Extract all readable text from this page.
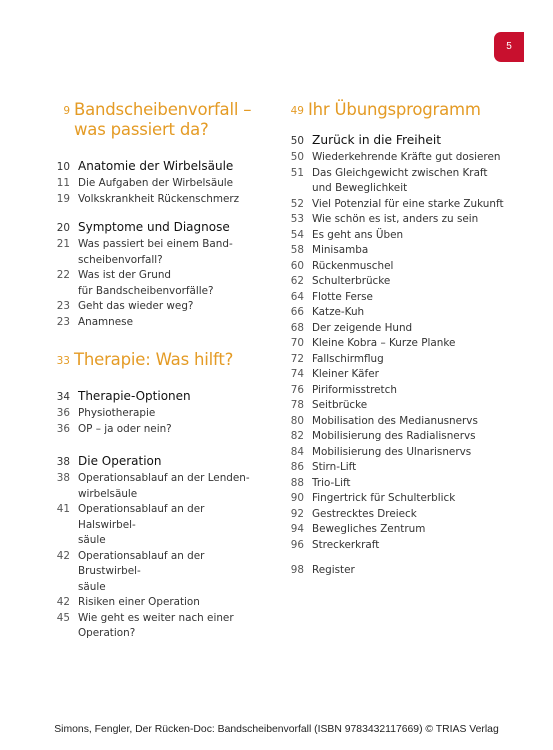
5
9 Bandscheibenvorfall –
was passiert da?
10 Anatomie der Wirbelsäule
11 Die Aufgaben der Wirbelsäule
19 Volkskrankheit Rückenschmerz
20 Symptome und Diagnose
21 Was passiert bei einem Band-
scheibenvorfall?
22 Was ist der Grund
für Bandscheibenvorfälle?
23 Geht das wieder weg?
23 Anamnese
33 Therapie: Was hilft?
34 Therapie-Optionen
36 Physiotherapie
36 OP – ja oder nein?
38 Die Operation
38 Operationsablauf an der Lenden-
wirbelsäule
41 Operationsablauf an der Halswirbel-
säule
42 Operationsablauf an der Brustwirbel-
säule
42 Risiken einer Operation
45 Wie geht es weiter nach einer
Operation?
49 Ihr Übungsprogramm
50 Zurück in die Freiheit
50 Wiederkehrende Kräfte gut dosieren
51 Das Gleichgewicht zwischen Kraft
und Beweglichkeit
52 Viel Potenzial für eine starke Zukunft
53 Wie schön es ist, anders zu sein
54 Es geht ans Üben
58 Minisamba
60 Rückenmuschel
62 Schulterbrücke
64 Flotte Ferse
66 Katze-Kuh
68 Der zeigende Hund
70 Kleine Kobra – Kurze Planke
72 Fallschirmflug
74 Kleiner Käfer
76 Piriformisstretch
78 Seitbrücke
80 Mobilisation des Medianusnervs
82 Mobilisierung des Radialisnervs
84 Mobilisierung des Ulnarisnervs
86 Stirn-Lift
88 Trio-Lift
90 Fingertrick für Schulterblick
92 Gestrecktes Dreieck
94 Bewegliches Zentrum
96 Streckerkraft
98 Register
Simons, Fengler, Der Rücken-Doc: Bandscheibenvorfall (ISBN 9783432117669) © TRIAS Verlag
